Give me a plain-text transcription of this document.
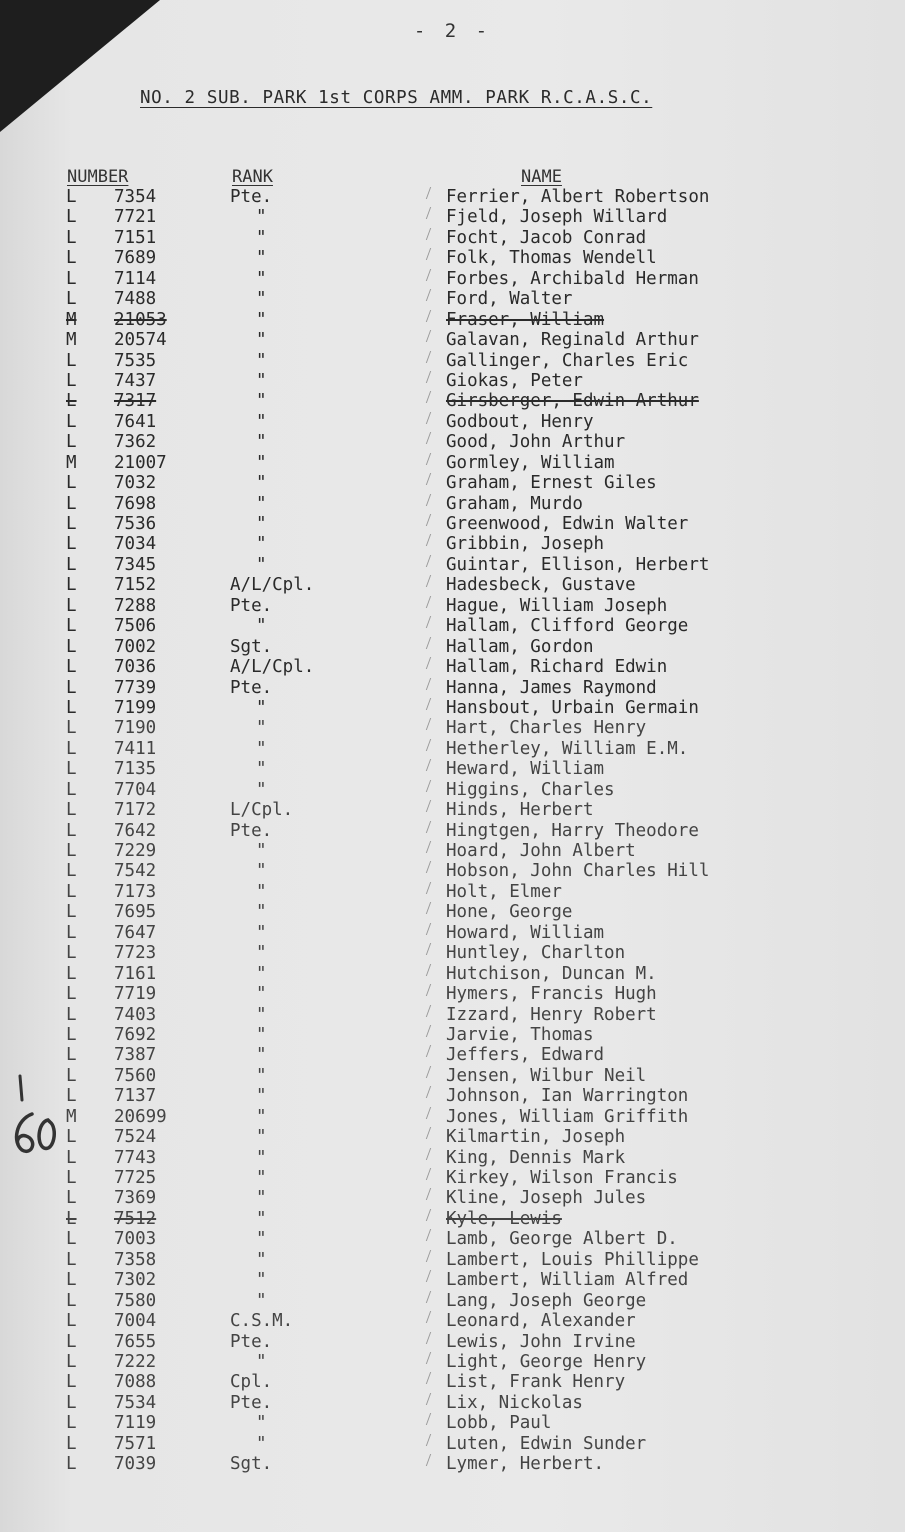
- 2 -
NO. 2 SUB. PARK 1st CORPS AMM. PARK R.C.A.S.C.
NUMBER	RANK	NAME
L 7354	Pte.	Ferrier, Albert Robertson
L 7721	"	Fjeld, Joseph Willard
L 7151	"	Focht, Jacob Conrad
L 7689	"	Folk, Thomas Wendell
L 7114	"	Forbes, Archibald Herman
L 7488	"	Ford, Walter
M 21053	"	Fraser, William
M 20574	"	Galavan, Reginald Arthur
L 7535	"	Gallinger, Charles Eric
L 7437	"	Giokas, Peter
L 7317	"	Girsberger, Edwin Arthur
L 7641	"	Godbout, Henry
L 7362	"	Good, John Arthur
M 21007	"	Gormley, William
L 7032	"	Graham, Ernest Giles
L 7698	"	Graham, Murdo
L 7536	"	Greenwood, Edwin Walter
L 7034	"	Gribbin, Joseph
L 7345	"	Guintar, Ellison, Herbert
L 7152	A/L/Cpl.	Hadesbeck, Gustave
L 7288	Pte.	Hague, William Joseph
L 7506	"	Hallam, Clifford George
L 7002	Sgt.	Hallam, Gordon
L 7036	A/L/Cpl.	Hallam, Richard Edwin
L 7739	Pte.	Hanna, James Raymond
L 7199	"	Hansbout, Urbain Germain
L 7190	"	Hart, Charles Henry
L 7411	"	Hetherley, William E.M.
L 7135	"	Heward, William
L 7704	"	Higgins, Charles
L 7172	L/Cpl.	Hinds, Herbert
L 7642	Pte.	Hingtgen, Harry Theodore
L 7229	"	Hoard, John Albert
L 7542	"	Hobson, John Charles Hill
L 7173	"	Holt, Elmer
L 7695	"	Hone, George
L 7647	"	Howard, William
L 7723	"	Huntley, Charlton
L 7161	"	Hutchison, Duncan M.
L 7719	"	Hymers, Francis Hugh
L 7403	"	Izzard, Henry Robert
L 7692	"	Jarvie, Thomas
L 7387	"	Jeffers, Edward
L 7560	"	Jensen, Wilbur Neil
L 7137	"	Johnson, Ian Warrington
M 20699	"	Jones, William Griffith
L 7524	"	Kilmartin, Joseph
L 7743	"	King, Dennis Mark
L 7725	"	Kirkey, Wilson Francis
L 7369	"	Kline, Joseph Jules
L 7512	"	Kyle, Lewis
L 7003	"	Lamb, George Albert D.
L 7358	"	Lambert, Louis Phillippe
L 7302	"	Lambert, William Alfred
L 7580	"	Lang, Joseph George
L 7004	C.S.M.	Leonard, Alexander
L 7655	Pte.	Lewis, John Irvine
L 7222	"	Light, George Henry
L 7088	Cpl.	List, Frank Henry
L 7534	Pte.	Lix, Nickolas
L 7119	"	Lobb, Paul
L 7571	"	Luten, Edwin Sunder
L 7039	Sgt.	Lymer, Herbert.
